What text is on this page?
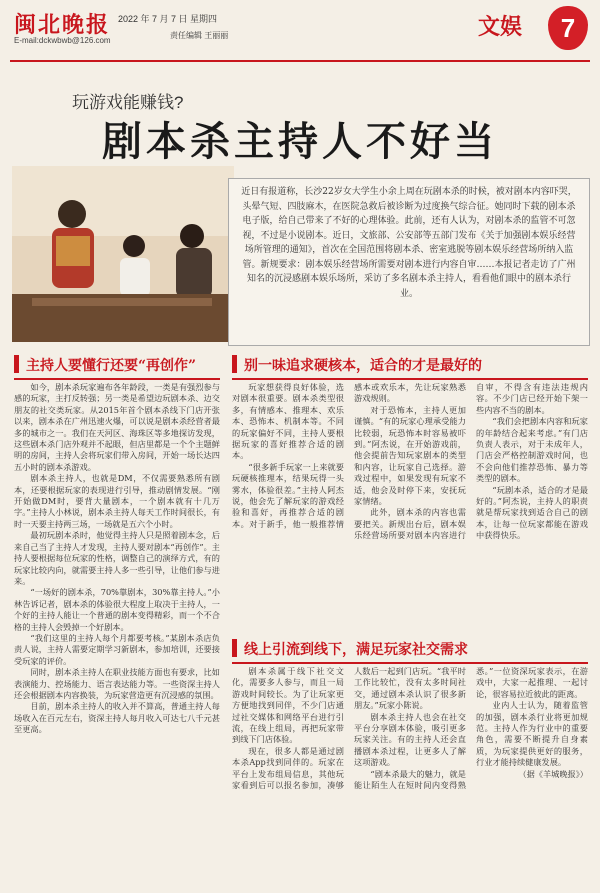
闽北晚报
E-mail:dckwbwb@126.com
2022 年 7 月 7 日 星期四
责任编辑 王丽丽	文娱	7
玩游戏能赚钱?
剧本杀主持人不好当
近日有报道称，长沙22岁女大学生小余上周在玩剧本杀的时候，被对剧本内容吓哭，头晕气短、四肢麻木，在医院急救后被诊断为过度换气综合征。她同时下载的剧本杀电子版，给自己带来了不好的心理体验。此前，还有人认为，对剧本杀的监管不可忽视，不过是小说剧本。近日，文旅部、公安部等五部门发布《关于加强剧本娱乐经营场所管理的通知》，首次在全国范围将剧本杀、密室逃脱等剧本娱乐经营场所纳入监管。新规要求：剧本娱乐经营场所需要对剧本进行内容自审……本报记者走访了广州知名的沉浸感剧本娱乐场所，采访了多名剧本杀主持人，看看他们眼中的剧本杀行业。
主持人要懂行还要“再创作”

如今，剧本杀玩家遍布各年龄段，一类是有强烈参与感的玩家，主打反转强；另一类是希望边玩剧本杀、边交朋友的社交类玩家。从2015年首个剧本杀线下门店开张以来，剧本杀在广州迅速火爆，可以说是剧本杀经营者最多的城市之一。我们在天河区、海珠区等多地探访发现，这些剧本杀门店外观并不起眼，但店里都是一个个主题鲜明的房间，主持人会将玩家们带入房间，开始一场长达四五小时的剧本杀游戏。

剧本杀主持人，也就是DM，不仅需要熟悉所有剧本，还要根据玩家的表现进行引导，推动剧情发展。“刚开始做DM时，要背大量剧本，一个剧本就有十几万字。”主持人小林说，剧本杀主持人每天工作时间很长，有时一天要主持两三场，一场就是五六个小时。

最初玩剧本杀时，他觉得主持人只是照着剧本念，后来自己当了主持人才发现，主持人要对剧本“再创作”。主持人要根据每位玩家的性格，调整自己的演绎方式，有的玩家比较内向，就需要主持人多一些引导，让他们参与进来。

“一场好的剧本杀，70%靠剧本，30%靠主持人。”小林告诉记者，剧本杀的体验很大程度上取决于主持人，一个好的主持人能让一个普通的剧本变得精彩，而一个不合格的主持人会毁掉一个好剧本。

“我们这里的主持人每个月都要考核。”某剧本杀店负责人说，主持人需要定期学习新剧本，参加培训，还要接受玩家的评价。

同时，剧本杀主持人在职业技能方面也有要求，比如表演能力、控场能力、语言表达能力等。一些资深主持人还会根据剧本内容换装，为玩家营造更有沉浸感的氛围。

目前，剧本杀主持人的收入并不算高，普通主持人每场收入在百元左右，资深主持人每月收入可达七八千元甚至更高。

别一味追求硬核本，适合的才是最好的

玩家想获得良好体验，选对剧本很重要。剧本杀类型很多，有情感本、推理本、欢乐本、恐怖本、机制本等。不同的玩家偏好不同，主持人要根据玩家的喜好推荐合适的剧本。

“很多新手玩家一上来就要玩硬核推理本，结果玩得一头雾水，体验很差。”主持人阿杰说，他会先了解玩家的游戏经验和喜好，再推荐合适的剧本。对于新手，他一般推荐情感本或欢乐本，先让玩家熟悉游戏规则。

对于恐怖本，主持人更加谨慎。“有的玩家心理承受能力比较弱，玩恐怖本时容易被吓到。”阿杰说，在开始游戏前，他会提前告知玩家剧本的类型和内容，让玩家自己选择。游戏过程中，如果发现有玩家不适，他会及时停下来，安抚玩家情绪。

此外，剧本杀的内容也需要把关。新规出台后，剧本娱乐经营场所要对剧本内容进行自审，不得含有违法违规内容。不少门店已经开始下架一些内容不当的剧本。

“我们会把剧本内容和玩家的年龄结合起来考虑。”有门店负责人表示，对于未成年人，门店会严格控制游戏时间，也不会向他们推荐恐怖、暴力等类型的剧本。

“玩剧本杀，适合的才是最好的。”阿杰说，主持人的职责就是帮玩家找到适合自己的剧本，让每一位玩家都能在游戏中获得快乐。

线上引流到线下，满足玩家社交需求

剧本杀属于线下社交文化，需要多人参与，而且一局游戏时间较长。为了让玩家更方便地找到同伴，不少门店通过社交媒体和网络平台进行引流，在线上组局，再把玩家带到线下门店体验。

现在，很多人都是通过剧本杀App找到同伴的。玩家在平台上发布组局信息，其他玩家看到后可以报名参加，凑够人数后一起到门店玩。“我平时工作比较忙，没有太多时间社交，通过剧本杀认识了很多新朋友。”玩家小陈说。

剧本杀主持人也会在社交平台分享剧本体验，吸引更多玩家关注。有的主持人还会直播剧本杀过程，让更多人了解这项游戏。

“剧本杀最大的魅力，就是能让陌生人在短时间内变得熟悉。”一位资深玩家表示，在游戏中，大家一起推理、一起讨论，很容易拉近彼此的距离。

业内人士认为，随着监管的加强，剧本杀行业将更加规范。主持人作为行业中的重要角色，需要不断提升自身素质，为玩家提供更好的服务，行业才能持续健康发展。

（据《羊城晚报》）
